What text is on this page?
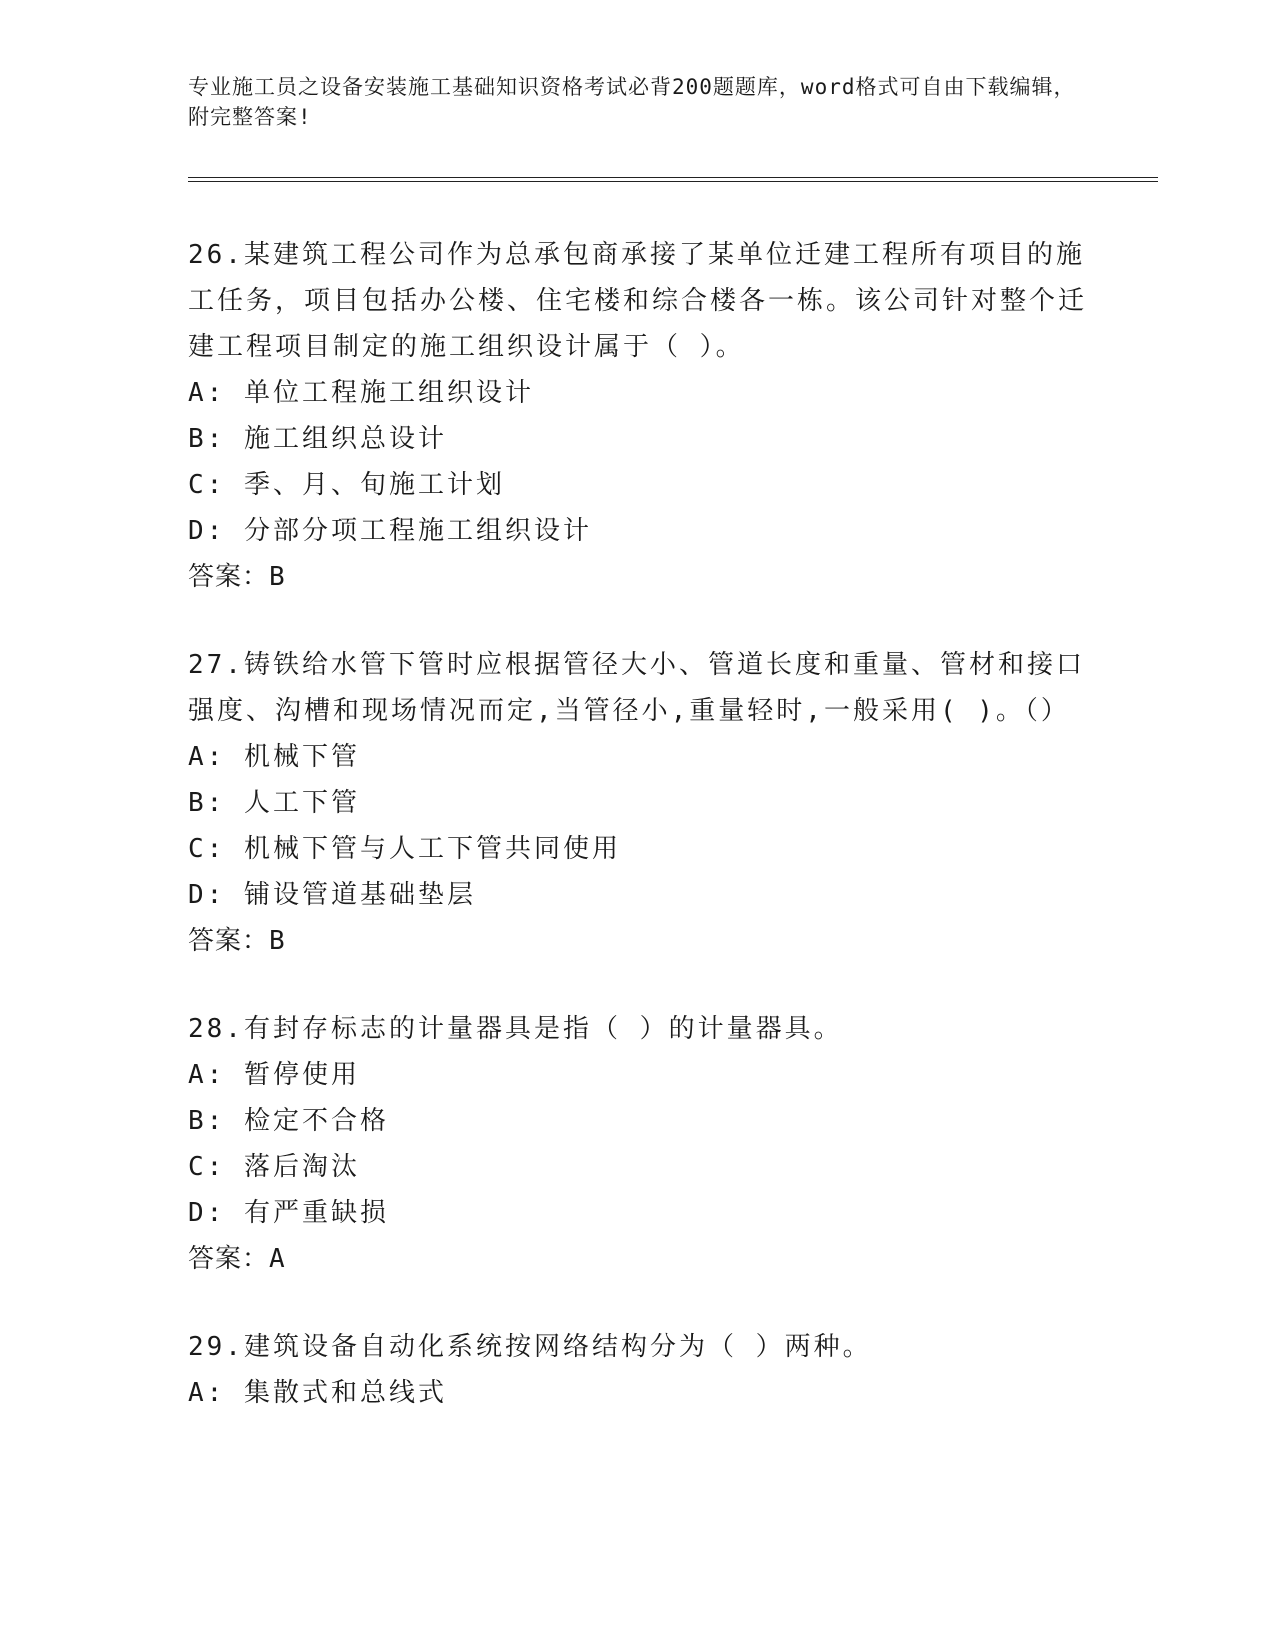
专业施工员之设备安装施工基础知识资格考试必背200题题库，word格式可自由下载编辑，附完整答案!
26.某建筑工程公司作为总承包商承接了某单位迁建工程所有项目的施工任务，项目包括办公楼、住宅楼和综合楼各一栋。该公司针对整个迁建工程项目制定的施工组织设计属于（ ）。
A: 单位工程施工组织设计
B: 施工组织总设计
C: 季、月、旬施工计划
D: 分部分项工程施工组织设计
答案：B
27.铸铁给水管下管时应根据管径大小、管道长度和重量、管材和接口强度、沟槽和现场情况而定,当管径小,重量轻时,一般采用( )。（）
A: 机械下管
B: 人工下管
C: 机械下管与人工下管共同使用
D: 铺设管道基础垫层
答案：B
28.有封存标志的计量器具是指（ ）的计量器具。
A: 暂停使用
B: 检定不合格
C: 落后淘汰
D: 有严重缺损
答案：A
29.建筑设备自动化系统按网络结构分为（ ）两种。
A: 集散式和总线式
